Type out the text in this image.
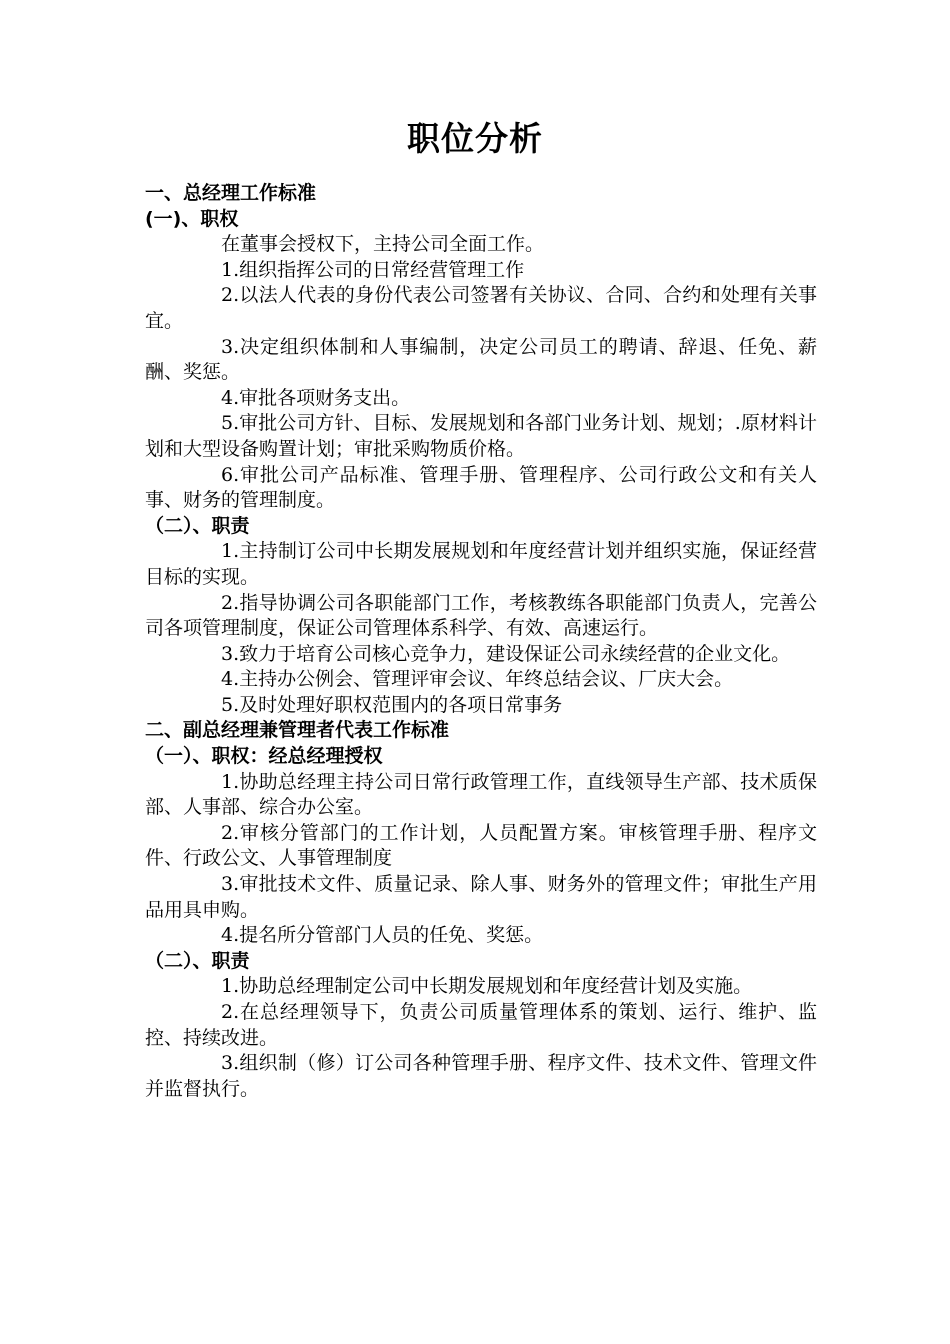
职位分析

一、总经理工作标准

(一)、职权

在董事会授权下，主持公司全面工作。

1.组织指挥公司的日常经营管理工作

2.以法人代表的身份代表公司签署有关协议、合同、合约和处理有关事宜。

3.决定组织体制和人事编制，决定公司员工的聘请、辞退、任免、薪酬、奖惩。

4.审批各项财务支出。

5.审批公司方针、目标、发展规划和各部门业务计划、规划；.原材料计划和大型设备购置计划；审批采购物质价格。

6.审批公司产品标准、管理手册、管理程序、公司行政公文和有关人事、财务的管理制度。

（二）、职责

1.主持制订公司中长期发展规划和年度经营计划并组织实施，保证经营目标的实现。

2.指导协调公司各职能部门工作，考核教练各职能部门负责人，完善公司各项管理制度，保证公司管理体系科学、有效、高速运行。

3.致力于培育公司核心竞争力，建设保证公司永续经营的企业文化。

4.主持办公例会、管理评审会议、年终总结会议、厂庆大会。

5.及时处理好职权范围内的各项日常事务

二、副总经理兼管理者代表工作标准

（一）、职权：经总经理授权

1.协助总经理主持公司日常行政管理工作，直线领导生产部、技术质保部、人事部、综合办公室。

2.审核分管部门的工作计划，人员配置方案。审核管理手册、程序文件、行政公文、人事管理制度

3.审批技术文件、质量记录、除人事、财务外的管理文件；审批生产用品用具申购。

4.提名所分管部门人员的任免、奖惩。

（二）、职责

1.协助总经理制定公司中长期发展规划和年度经营计划及实施。

2.在总经理领导下，负责公司质量管理体系的策划、运行、维护、监控、持续改进。

3.组织制（修）订公司各种管理手册、程序文件、技术文件、管理文件并监督执行。
